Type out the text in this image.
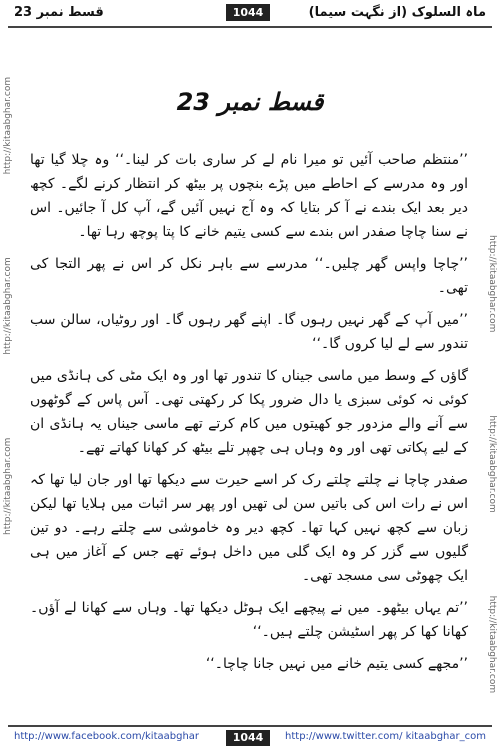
ماہ السلوک (از نگہت سیما)
1044
قسط نمبر 23
http://kitaabghar.com http://kitaabghar.com http://kitaabghar.com
http://kitaabghar.com http://kitaabghar.com http://kitaabghar.com
قسط نمبر 23

’’منتظم صاحب آئیں تو میرا نام لے کر ساری بات کر لینا۔‘‘ وہ چلا گیا تھا اور وہ مدرسے کے احاطے میں پڑے بنچوں پر بیٹھ کر انتظار کرنے لگے۔ کچھ دیر بعد ایک بندے نے آ کر بتایا کہ وہ آج نہیں آئیں گے، آپ کل آ جائیں۔ اس نے سنا چاچا صفدر اس بندے سے کسی یتیم خانے کا پتا پوچھ رہا تھا۔

’’چاچا واپس گھر چلیں۔‘‘ مدرسے سے باہر نکل کر اس نے پھر التجا کی تھی۔

’’میں آپ کے گھر نہیں رہوں گا۔ اپنے گھر رہوں گا۔ اور روٹیاں، سالن سب تندور سے لے لیا کروں گا۔‘‘

گاؤں کے وسط میں ماسی جیناں کا تندور تھا اور وہ ایک مٹی کی ہانڈی میں کوئی نہ کوئی سبزی یا دال ضرور پکا کر رکھتی تھی۔ آس پاس کے گوٹھوں سے آنے والے مزدور جو کھیتوں میں کام کرتے تھے ماسی جیناں یہ ہانڈی ان کے لیے پکاتی تھی اور وہ وہاں ہی چھپر تلے بیٹھ کر کھانا کھاتے تھے۔

صفدر چاچا نے چلتے چلتے رک کر اسے حیرت سے دیکھا تھا اور جان لیا تھا کہ اس نے رات اس کی باتیں سن لی تھیں اور پھر سر اثبات میں ہلایا تھا لیکن زبان سے کچھ نہیں کہا تھا۔ کچھ دیر وہ خاموشی سے چلتے رہے۔ دو تین گلیوں سے گزر کر وہ ایک گلی میں داخل ہوئے تھے جس کے آغاز میں ہی ایک چھوٹی سی مسجد تھی۔

’’تم یہاں بیٹھو۔ میں نے پیچھے ایک ہوٹل دیکھا تھا۔ وہاں سے کھانا لے آؤں۔ کھانا کھا کر پھر اسٹیشن چلتے ہیں۔‘‘

’’مجھے کسی یتیم خانے میں نہیں جانا چاچا۔‘‘

http://www.facebook.com/kitaabghar	1044	http://www.twitter.com/ kitaabghar_com
